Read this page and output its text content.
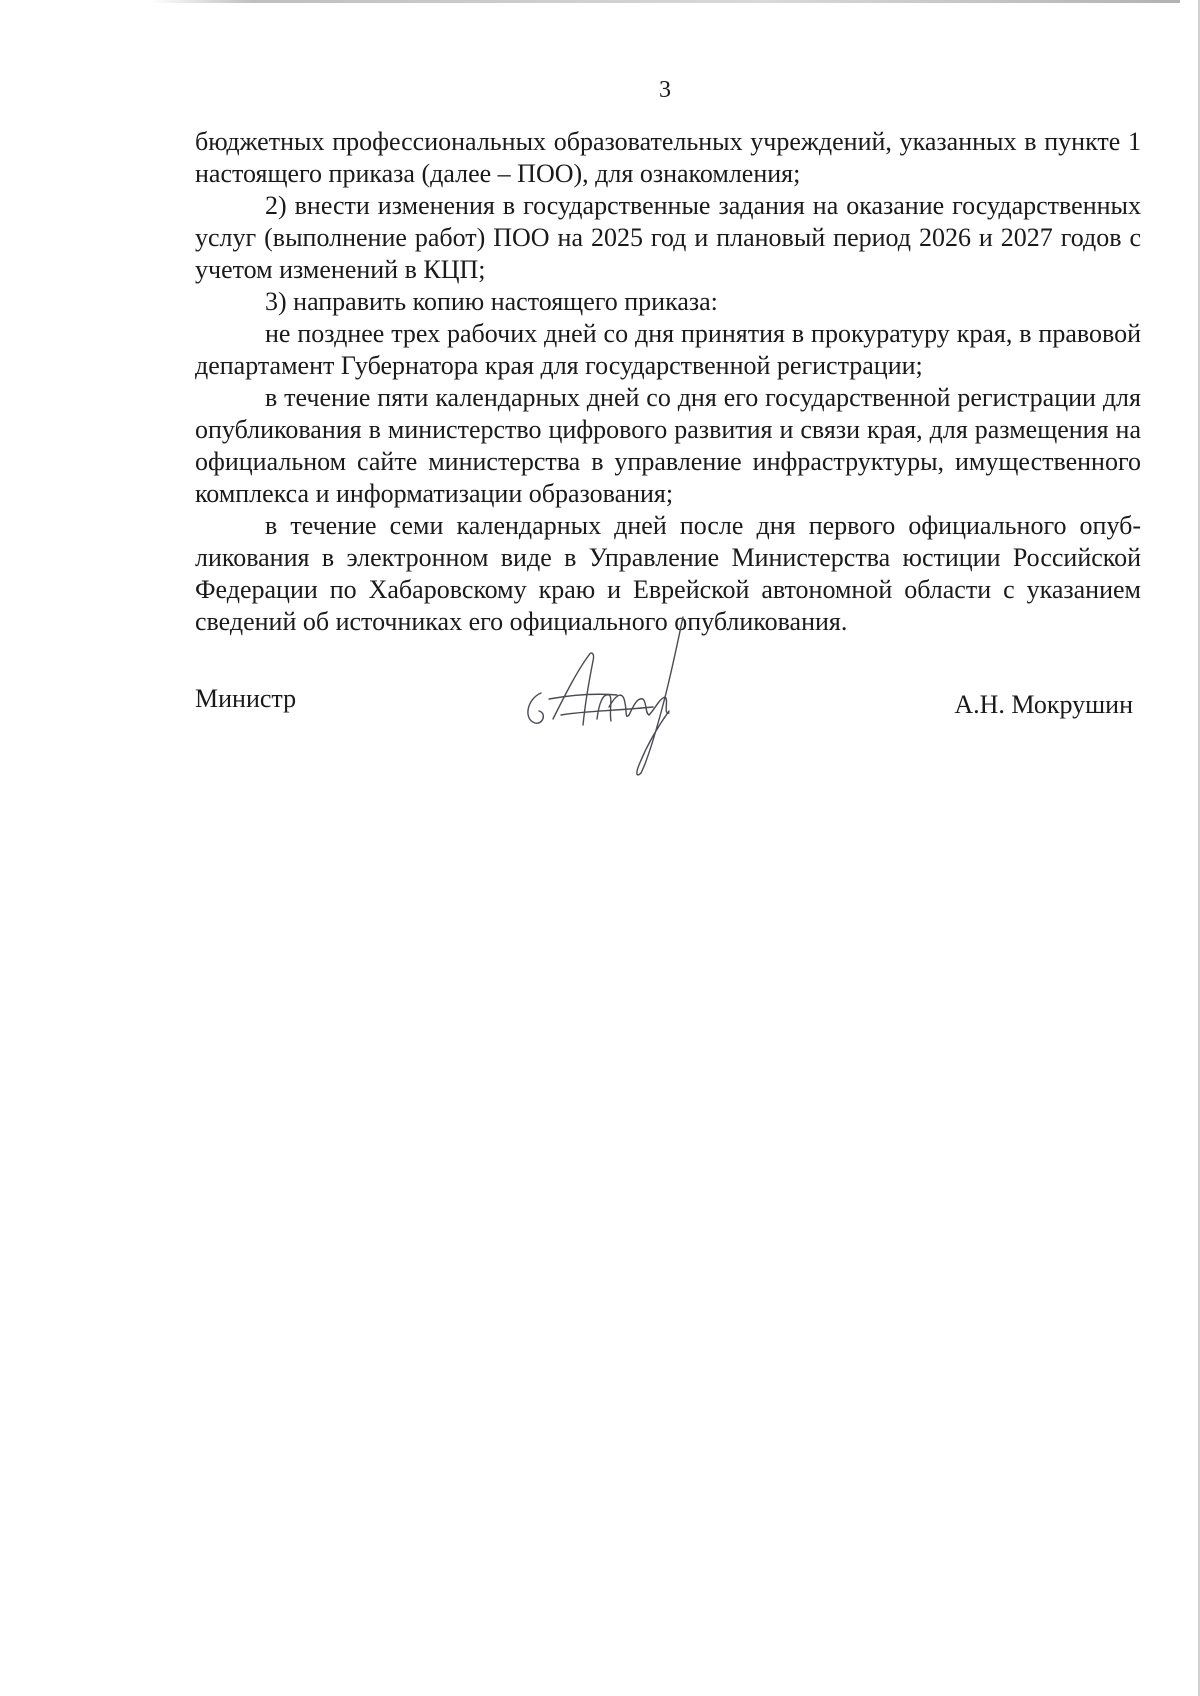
3

бюджетных профессиональных образовательных учреждений, указанных в пункте 1 настоящего приказа (далее – ПОО), для ознакомления;

2) внести изменения в государственные задания на оказание государственных услуг (выполнение работ) ПОО на 2025 год и плановый период 2026 и 2027 годов с учетом изменений в КЦП;

3) направить копию настоящего приказа:

не позднее трех рабочих дней со дня принятия в прокуратуру края, в правовой департамент Губернатора края для государственной регистрации;

в течение пяти календарных дней со дня его государственной регистрации для опубликования в министерство цифрового развития и связи края, для размещения на официальном сайте министерства в управление инфраструктуры, имущественного комплекса и информатизации образования;

в течение семи календарных дней после дня первого официального опубликования в электронном виде в Управление Министерства юстиции Российской Федерации по Хабаровскому краю и Еврейской автономной области с указанием сведений об источниках его официального опубликования.

Министр	А.Н. Мокрушин
